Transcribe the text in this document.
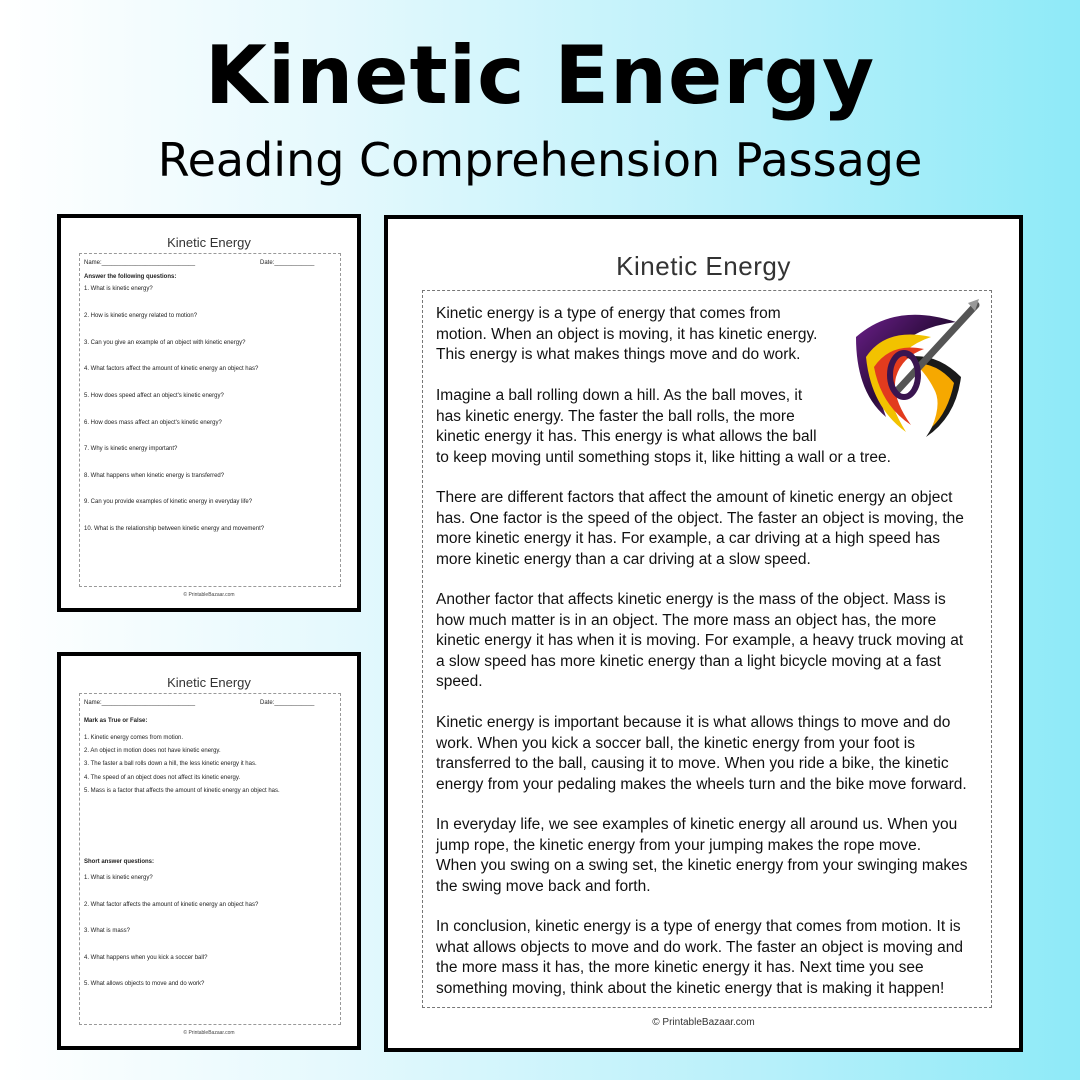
Kinetic Energy
Reading Comprehension Passage
Kinetic Energy
Name:____________________________	Date:____________
Answer the following questions:
1. What is kinetic energy?
2. How is kinetic energy related to motion?
3. Can you give an example of an object with kinetic energy?
4. What factors affect the amount of kinetic energy an object has?
5. How does speed affect an object's kinetic energy?
6. How does mass affect an object's kinetic energy?
7. Why is kinetic energy important?
8. What happens when kinetic energy is transferred?
9. Can you provide examples of kinetic energy in everyday life?
10. What is the relationship between kinetic energy and movement?
© PrintableBazaar.com
Kinetic Energy
Name:____________________________	Date:____________
Mark as True or False:
1. Kinetic energy comes from motion.
2. An object in motion does not have kinetic energy.
3. The faster a ball rolls down a hill, the less kinetic energy it has.
4. The speed of an object does not affect its kinetic energy.
5. Mass is a factor that affects the amount of kinetic energy an object has.
Short answer questions:
1. What is kinetic energy?
2. What factor affects the amount of kinetic energy an object has?
3. What is mass?
4. What happens when you kick a soccer ball?
5. What allows objects to move and do work?
© PrintableBazaar.com
Kinetic Energy
Kinetic energy is a type of energy that comes from
motion. When an object is moving, it has kinetic energy.
This energy is what makes things move and do work.
Imagine a ball rolling down a hill. As the ball moves, it
has kinetic energy. The faster the ball rolls, the more
kinetic energy it has. This energy is what allows the ball
to keep moving until something stops it, like hitting a wall or a tree.
There are different factors that affect the amount of kinetic energy an object
has. One factor is the speed of the object. The faster an object is moving, the
more kinetic energy it has. For example, a car driving at a high speed has
more kinetic energy than a car driving at a slow speed.
Another factor that affects kinetic energy is the mass of the object. Mass is
how much matter is in an object. The more mass an object has, the more
kinetic energy it has when it is moving. For example, a heavy truck moving at
a slow speed has more kinetic energy than a light bicycle moving at a fast
speed.
Kinetic energy is important because it is what allows things to move and do
work. When you kick a soccer ball, the kinetic energy from your foot is
transferred to the ball, causing it to move. When you ride a bike, the kinetic
energy from your pedaling makes the wheels turn and the bike move forward.
In everyday life, we see examples of kinetic energy all around us. When you
jump rope, the kinetic energy from your jumping makes the rope move.
When you swing on a swing set, the kinetic energy from your swinging makes
the swing move back and forth.
In conclusion, kinetic energy is a type of energy that comes from motion. It is
what allows objects to move and do work. The faster an object is moving and
the more mass it has, the more kinetic energy it has. Next time you see
something moving, think about the kinetic energy that is making it happen!
© PrintableBazaar.com
